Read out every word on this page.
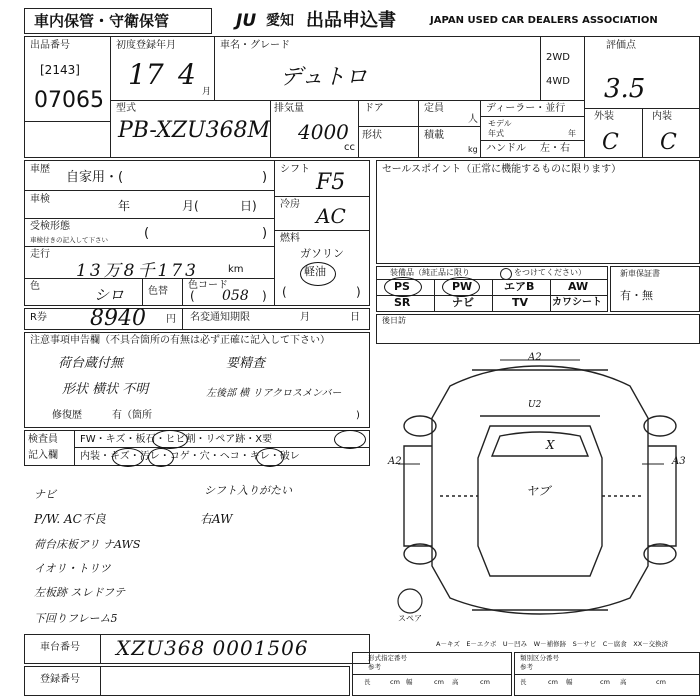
車内保管・守衛保管	JU 愛知 出品申込書	JAPAN USED CAR DEALERS ASSOCIATION
出品番号
[2143]
07065
初度登録年月
17 4
月
車名・グレード
デュトロ
2WD
4WD
評価点
3.5
外装	内装
C C
型式
PB-XZU368M
排気量
4000
cc
ドア
形状
定員
人
積載
kg
ディーラー・並行
モデル
年式	年
ハンドル 左・右
車歴
自家用・(	)
車検	年	月(	日)
受検形態
車検付きの記入して下さい	(	)
走行
13万8千173	km
色	シロ 色替
色コード
( 058 )
シフト
F5
冷房 AC
燃料
ガソリン
軽油
(	)
セールスポイント（正常に機能するものに限ります）
装備品（純正品に限り	をつけてください）
PS	PW	エアB	AW
SR	ナビ	TV カワシート
新車保証書
有・無
R券 8940 円 名変通知期限	月	日	後日訪
注意事項申告欄（不具合箇所の有無は必ず正確に記入して下さい）
荷台蔵付無	要精査
形状 横状 不明	左後部 横 リアクロスメンバー
修復歴	有（箇所	)
検査員
記入欄
FW・キズ・板石・ヒビ割・リペア跡・X要
内装・キズ・汚レ・コゲ・穴・ヘコ・キレ・破レ
ナビ	シフト入りがたい
P/W. AC不良	右AW
荷台床板アリ ナAWS
イオリ・トリツ
左板跡 スレドフテ
下回りフレーム5
A2
U2
X
ヤブ
A2	A3
スペア
A－キズ　E－エクボ　U－凹み　W－補修跡　S－サビ　C－腐食　XX－交換済
車台番号 XZU368 0001506
登録番号
形式指定番号
参考
長	cm 幅	cm 高	cm
類別区分番号
参考
長	cm 幅	cm 高	cm
